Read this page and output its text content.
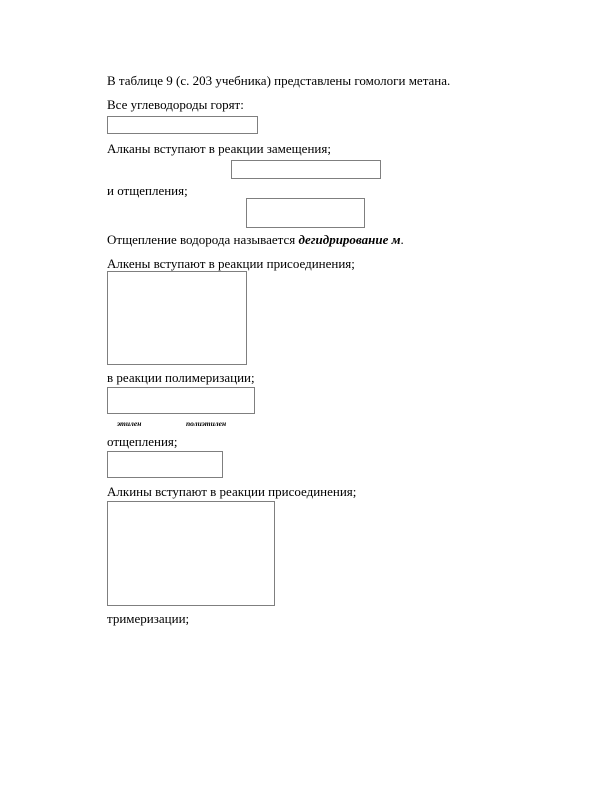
В таблице 9 (с. 203 учебника) представлены гомологи метана.
Все углеводороды горят:
Алканы вступают в реакции замещения;
и отщепления;
Отщепление водорода называется дегидрирование м.
Алкены вступают в реакции присоединения;
в реакции полимеризации;
этилен	полиэтилен
отщепления;
Алкины вступают в реакции присоединения;
тримеризации;
